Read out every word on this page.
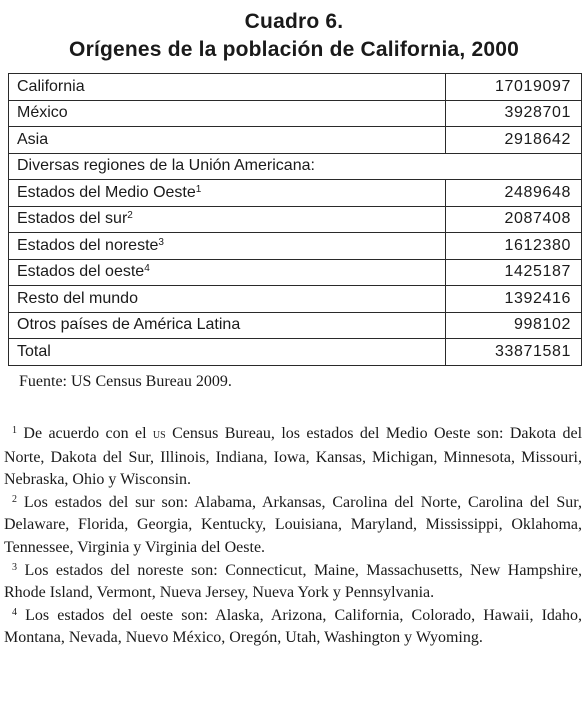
Cuadro 6.
Orígenes de la población de California, 2000
California	17019097
México	3928701
Asia	2918642
Diversas regiones de la Unión Americana:	
Estados del Medio Oeste$^1$	2489648
Estados del sur$^2$	2087408
Estados del noreste$^3$	1612380
Estados del oeste$^4$	1425187
Resto del mundo	1392416
Otros países de América Latina	998102
Total	33871581

Fuente: US Census Bureau 2009.

$^1$ De acuerdo con el us Census Bureau, los estados del Medio Oeste son: Dakota del Norte, Dakota del Sur, Illinois, Indiana, Iowa, Kansas, Michigan, Minnesota, Missouri, Nebraska, Ohio y Wisconsin.

$^2$ Los estados del sur son: Alabama, Arkansas, Carolina del Norte, Carolina del Sur, Delaware, Florida, Georgia, Kentucky, Louisiana, Maryland, Mississippi, Oklahoma, Tennessee, Virginia y Virginia del Oeste.

$^3$ Los estados del noreste son: Connecticut, Maine, Massachusetts, New Hampshire, Rhode Island, Vermont, Nueva Jersey, Nueva York y Pennsylvania.

$^4$ Los estados del oeste son: Alaska, Arizona, California, Colorado, Hawaii, Idaho, Montana, Nevada, Nuevo México, Oregón, Utah, Washington y Wyoming.
